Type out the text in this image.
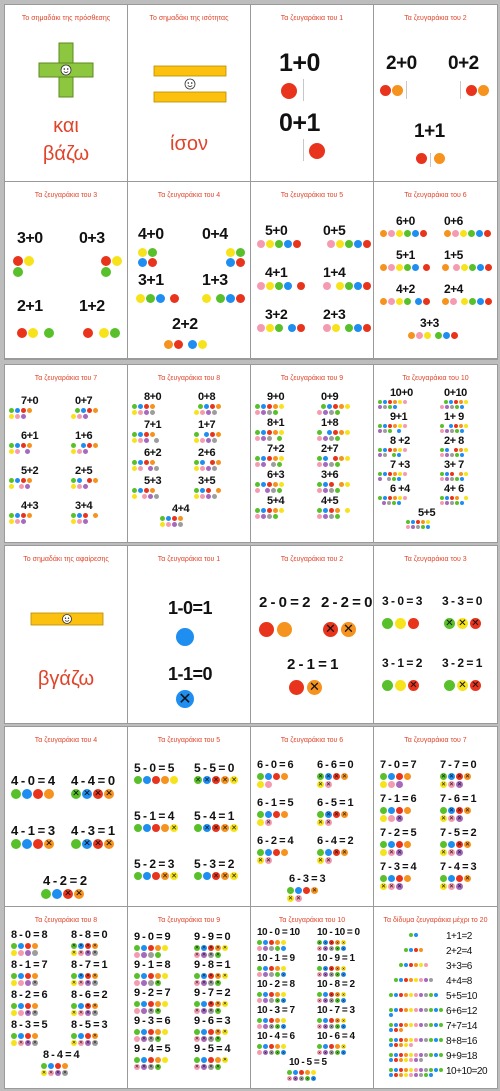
Το σημαδάκι της πρόσθεσης
και
βάζω
Το σημαδάκι της ισότητας
ίσον
Τα ζευγαράκια του 1
1+0
0+1
Τα ζευγαράκια του 2
2+0 0+2
1+1
Τα ζευγαράκια του 3
3+0 0+3
2+1 1+2
Τα ζευγαράκια του 4
4+0 0+4
3+1 1+3
2+2
Τα ζευγαράκια του 5
5+0	0+5
4+1	1+4
3+2	2+3
Τα ζευγαράκια του 6
6+0 0+6
5+1 1+5
4+2 2+4
3+3
Τα ζευγαράκια του 7
7+0	0+7
6+1	1+6
5+2	2+5
4+3	3+4
Τα ζευγαράκια του 8
8+0	0+8
7+1	1+7
6+2	2+6
5+3	3+5
4+4
Τα ζευγαράκια του 9
9+0	0+9
8+1	1+8
7+2	2+7
6+3	3+6
5+4	4+5
Τα ζευγαράκια του 10
10+0	0+10
9+1	1+ 9
8 +2	2+ 8
7 +3	3+ 7
6 +4	4+ 6
5+5
Το σημαδάκι της αφαίρεσης
βγάζω
Τα ζευγαράκια του 1
1-0=1
1-1=0
✕
Τα ζευγαράκια του 2
2 - 0 = 2 2 - 2 = 0
✕
✕
2 - 1 = 1
✕
Τα ζευγαράκια του 3
3 - 0 = 3 3 - 3 = 0
✕
✕
✕
3 - 1 = 2 3 - 2 = 1
✕
✕
✕
Τα ζευγαράκια του 4
4 - 0 = 4 4 - 4 = 0
✕
✕
✕
✕
4 - 1 = 3
✕ 4 - 3 = 1
✕
✕
✕
4 - 2 = 2
✕
✕
Τα ζευγαράκια του 5
5 - 0 = 5 5 - 5 = 0
✕
✕
✕
✕
✕
5 - 1 = 4
✕ 5 - 4 = 1
✕
✕
✕
✕
5 - 2 = 3
✕
✕ 5 - 3 = 2
✕
✕
✕
Τα ζευγαράκια του 6
6 - 0 = 6 6 - 6 = 0
✕
✕
✕
✕
✕
✕
6 - 1 = 5
✕ 6 - 5 = 1
✕
✕
✕
✕
✕
6 - 2 = 4
✕
✕ 6 - 4 = 2
✕
✕
✕
✕
6 - 3 = 3
✕
✕
✕
Τα ζευγαράκια του 7
7 - 0 = 7 7 - 7 = 0
✕
✕
✕
✕
✕
✕
✕
7 - 1 = 6
✕ 7 - 6 = 1
✕
✕
✕
✕
✕
✕
7 - 2 = 5
✕
✕ 7 - 5 = 2
✕
✕
✕
✕
✕
7 - 3 = 4
✕
✕
✕ 7 - 4 = 3
✕
✕
✕
✕
Τα ζευγαράκια του 8
8 - 0 = 8 8 - 8 = 0
✕
✕
✕
✕
✕
✕
✕
✕
8 - 1 = 7
✕ 8 - 7 = 1
✕
✕
✕
✕
✕
✕
✕
8 - 2 = 6
✕
✕ 8 - 6 = 2
✕
✕
✕
✕
✕
✕
8 - 3 = 5
✕
✕
✕ 8 - 5 = 3
✕
✕
✕
✕
✕
8 - 4 = 4
✕
✕
✕
✕
Τα ζευγαράκια του 9
9 - 0 = 9 9 - 9 = 0
✕
✕
✕
✕
✕
✕
✕
✕
✕
9 - 1 = 8
✕ 9 - 8 = 1
✕
✕
✕
✕
✕
✕
✕
✕
9 - 2 = 7
✕
✕ 9 - 7 = 2
✕
✕
✕
✕
✕
✕
✕
9 - 3 = 6
✕
✕
✕ 9 - 6 = 3
✕
✕
✕
✕
✕
✕
9 - 4 = 5
✕
✕
✕
✕ 9 - 5 = 4
✕
✕
✕
✕
✕
Τα ζευγαράκια του 10
10 - 0 = 10 10 - 10 = 0
✕
✕
✕
✕
✕
✕
✕
✕
✕
✕
10 - 1 = 9
✕ 10 - 9 = 1
✕
✕
✕
✕
✕
✕
✕
✕
✕
10 - 2 = 8
✕
✕ 10 - 8 = 2
✕
✕
✕
✕
✕
✕
✕
✕
10 - 3 = 7
✕
✕
✕ 10 - 7 = 3
✕
✕
✕
✕
✕
✕
✕
10 - 4 = 6
✕
✕
✕
✕ 10 - 6 = 4
✕
✕
✕
✕
✕
✕
10 - 5 = 5
✕
✕
✕
✕
✕
Τα δίδυμα ζευγαράκια μέχρι το 20
1+1=2
2+2=4
3+3=6
4+4=8
5+5=10
6+6=12
7+7=14
8+8=16
9+9=18
10+10=20
